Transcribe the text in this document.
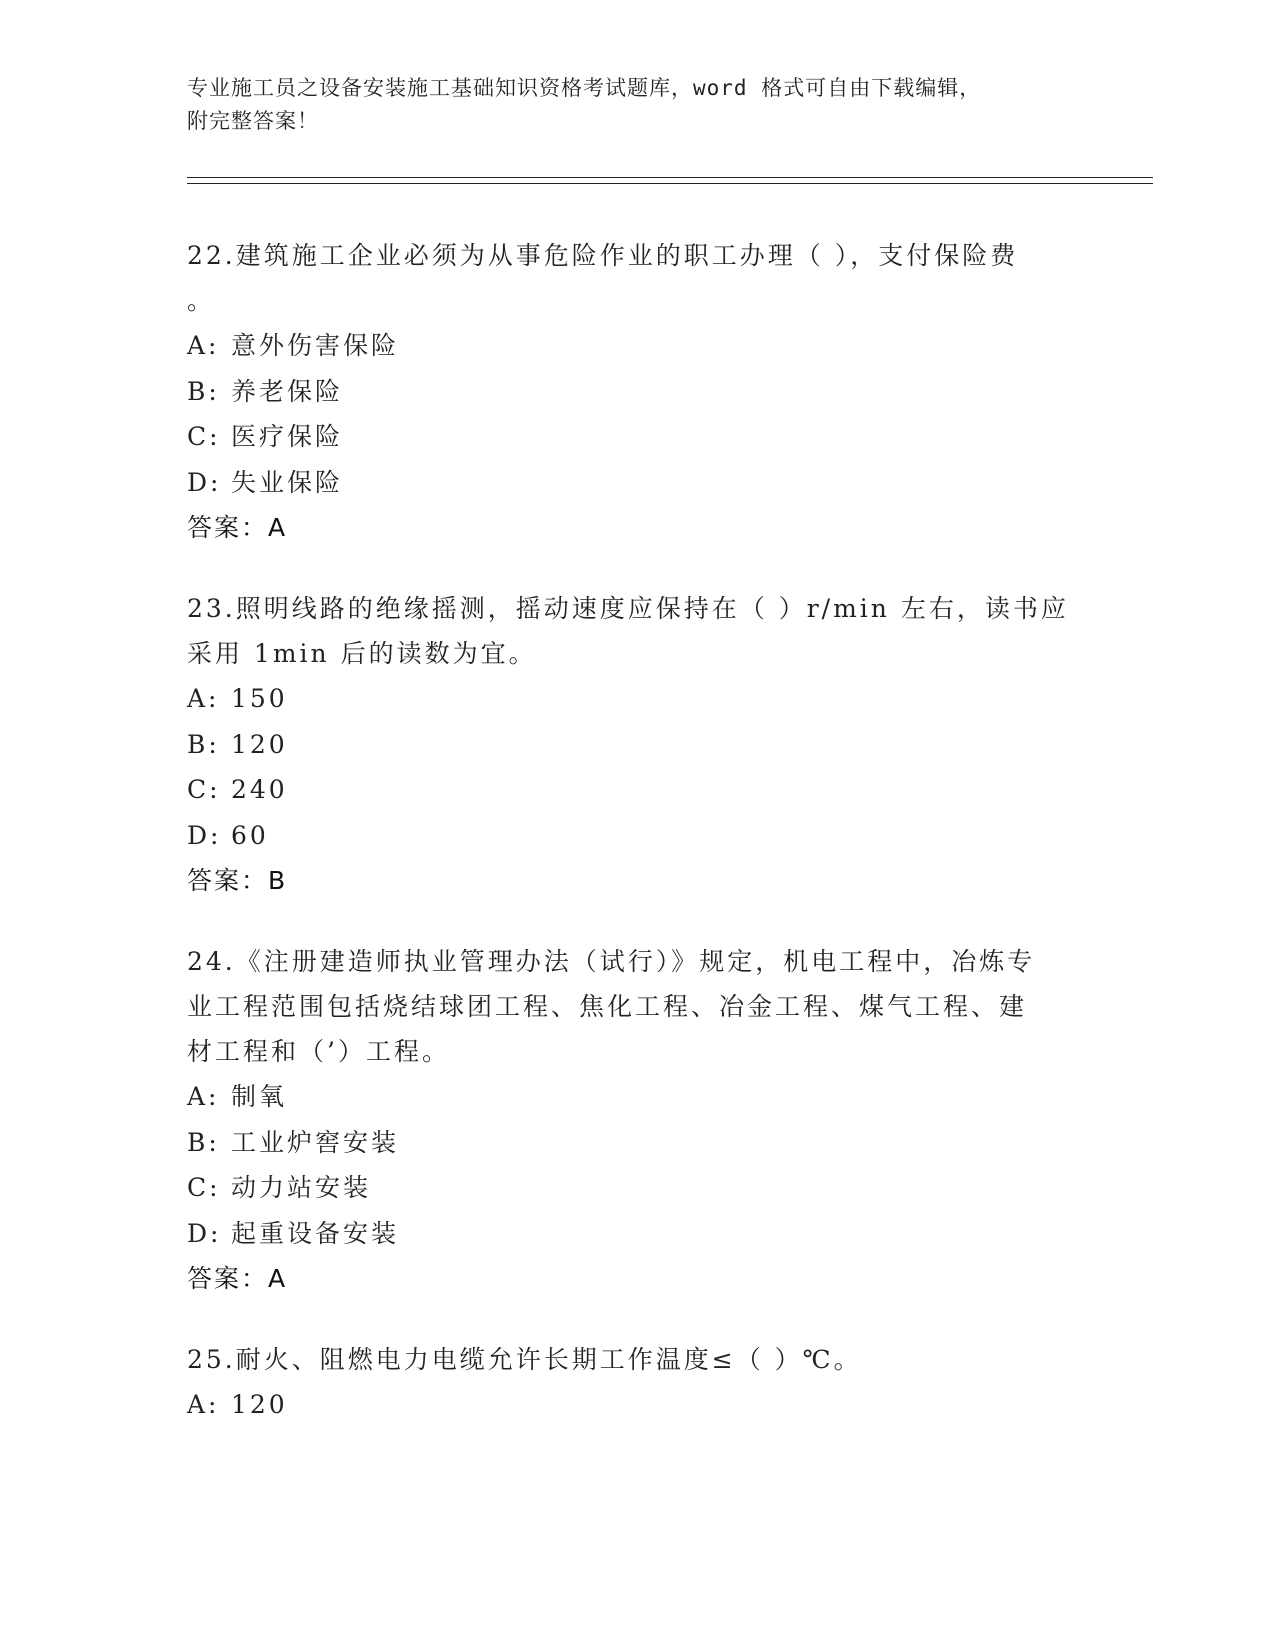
专业施工员之设备安装施工基础知识资格考试题库，word 格式可自由下载编辑，
附完整答案！

22.建筑施工企业必须为从事危险作业的职工办理（ ），支付保险费

。

A: 意外伤害保险

B: 养老保险

C: 医疗保险

D: 失业保险

答案：A

23.照明线路的绝缘摇测，摇动速度应保持在（ ）r/min 左右，读书应

采用 1min 后的读数为宜。

A: 150

B: 120

C: 240

D: 60

答案：B

24.《注册建造师执业管理办法（试行）》规定，机电工程中，冶炼专

业工程范围包括烧结球团工程、焦化工程、冶金工程、煤气工程、建

材工程和（’）工程。

A: 制氧

B: 工业炉窖安装

C: 动力站安装

D: 起重设备安装

答案：A

25.耐火、阻燃电力电缆允许长期工作温度≤（ ）℃。

A: 120
